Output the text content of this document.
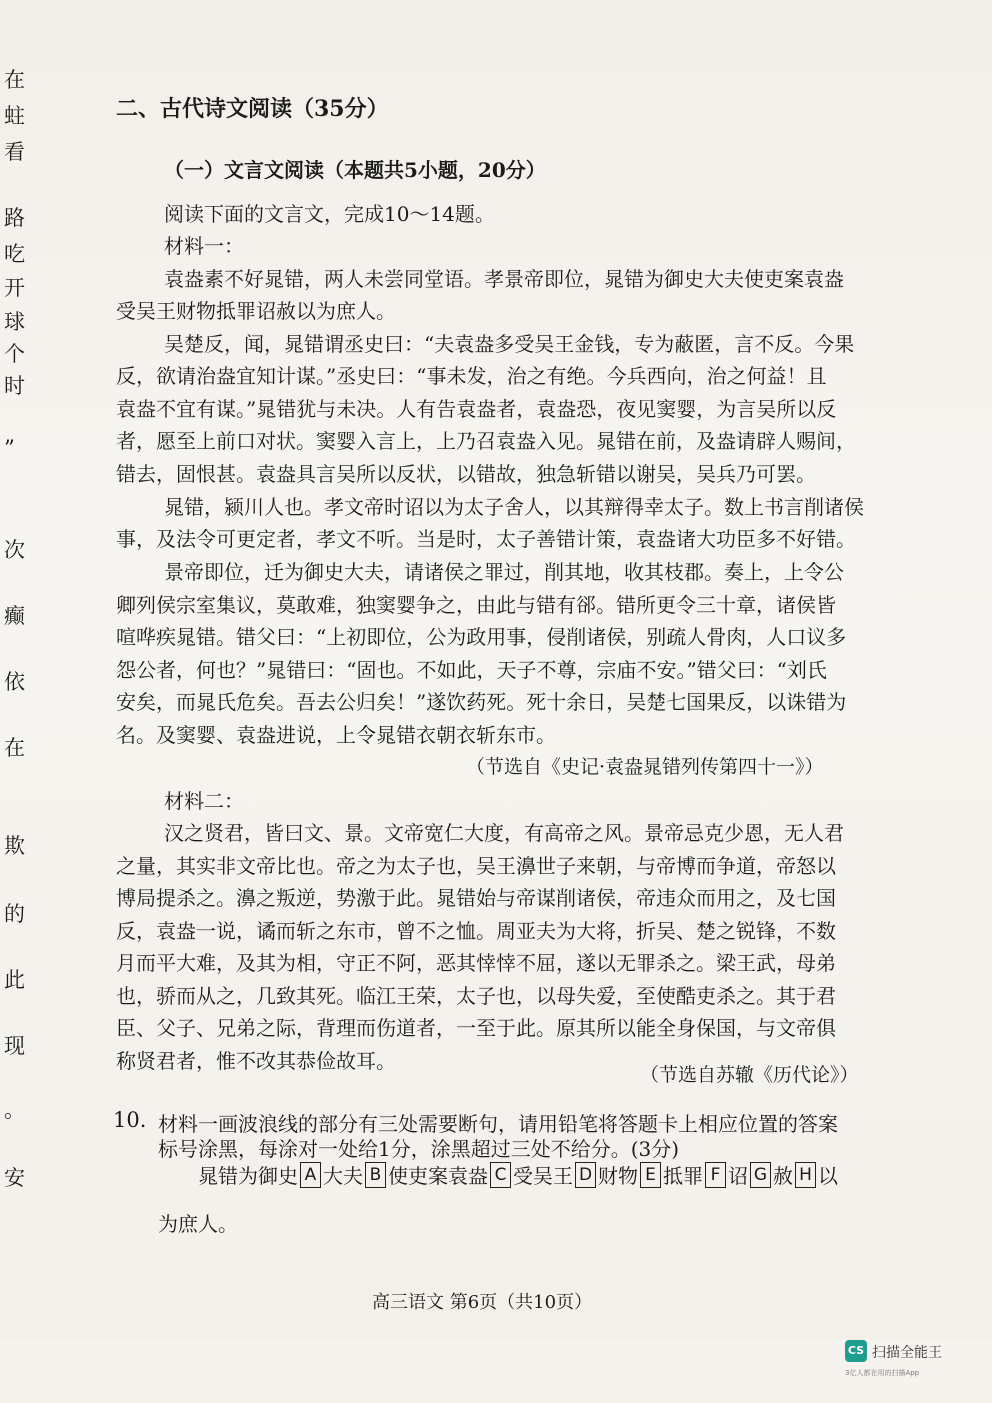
在
蛀
看
路
吃
开
球
个
时
”
次
癫
依
在
欺
的
此
现
。
安
二、古代诗文阅读（35分）
（一）文言文阅读（本题共5小题，20分）
阅读下面的文言文，完成10～14题。
材料一：
袁盎素不好晁错，两人未尝同堂语。孝景帝即位，晁错为御史大夫使吏案袁盎
受吴王财物抵罪诏赦以为庶人。
吴楚反，闻，晁错谓丞史曰：“夫袁盎多受吴王金钱，专为蔽匿，言不反。今果
反，欲请治盎宜知计谋。”丞史曰：“事未发，治之有绝。今兵西向，治之何益！且
袁盎不宜有谋。”晁错犹与未决。人有告袁盎者，袁盎恐，夜见窦婴，为言吴所以反
者，愿至上前口对状。窦婴入言上，上乃召袁盎入见。晁错在前，及盎请辟人赐间，
错去，固恨甚。袁盎具言吴所以反状，以错故，独急斩错以谢吴，吴兵乃可罢。
晁错，颍川人也。孝文帝时诏以为太子舍人，以其辩得幸太子。数上书言削诸侯
事，及法令可更定者，孝文不听。当是时，太子善错计策，袁盎诸大功臣多不好错。
景帝即位，迁为御史大夫，请诸侯之罪过，削其地，收其枝郡。奏上，上令公
卿列侯宗室集议，莫敢难，独窦婴争之，由此与错有郤。错所更令三十章，诸侯皆
喧哗疾晁错。错父曰：“上初即位，公为政用事，侵削诸侯，别疏人骨肉，人口议多
怨公者，何也？”晁错曰：“固也。不如此，天子不尊，宗庙不安。”错父曰：“刘氏
安矣，而晁氏危矣。吾去公归矣！”遂饮药死。死十余日，吴楚七国果反，以诛错为
名。及窦婴、袁盎进说，上令晁错衣朝衣斩东市。
（节选自《史记·袁盎晁错列传第四十一》）
材料二：
汉之贤君，皆曰文、景。文帝宽仁大度，有高帝之风。景帝忌克少恩，无人君
之量，其实非文帝比也。帝之为太子也，吴王濞世子来朝，与帝博而争道，帝怒以
博局提杀之。濞之叛逆，势激于此。晁错始与帝谋削诸侯，帝违众而用之，及七国
反，袁盎一说，谲而斩之东市，曾不之恤。周亚夫为大将，折吴、楚之锐锋，不数
月而平大难，及其为相，守正不阿，恶其悻悻不屈，遂以无罪杀之。梁王武，母弟
也，骄而从之，几致其死。临江王荣，太子也，以母失爱，至使酷吏杀之。其于君
臣、父子、兄弟之际，背理而伤道者，一至于此。原其所以能全身保国，与文帝俱
称贤君者，惟不改其恭俭故耳。
（节选自苏辙《历代论》）
10. 材料一画波浪线的部分有三处需要断句，请用铅笔将答题卡上相应位置的答案
标号涂黑，每涂对一处给1分，涂黑超过三处不给分。(3分)
晁错为御史 A 大夫 B 使吏案袁盎 C 受吴王 D 财物 E 抵罪 F 诏 G 赦 H 以
为庶人。
高三语文 第6页（共10页）
CS 扫描全能王
3亿人都在用的扫描App
